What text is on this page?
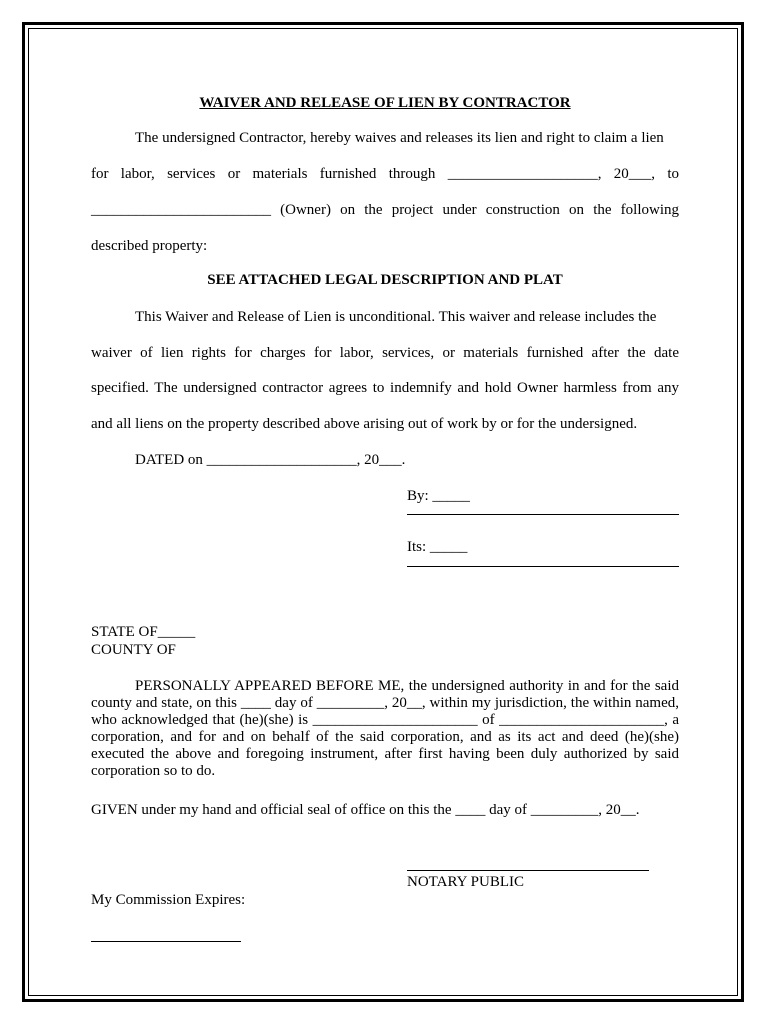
WAIVER AND RELEASE OF LIEN BY CONTRACTOR
The undersigned Contractor, hereby waives and releases its lien and right to claim a lien
for labor, services or materials furnished through ____________________, 20___, to
________________________ (Owner) on the project under construction on the following
described property:
SEE ATTACHED LEGAL DESCRIPTION AND PLAT
This Waiver and Release of Lien is unconditional. This waiver and release includes the
waiver of lien rights for charges for labor, services, or materials furnished after the date
specified. The undersigned contractor agrees to indemnify and hold Owner harmless from any
and all liens on the property described above arising out of work by or for the undersigned.
DATED on ____________________, 20___.
By: _____
Its: _____
STATE OF_____
COUNTY OF
PERSONALLY APPEARED BEFORE ME, the undersigned authority in and for the said county and state, on this ____ day of _________, 20__, within my jurisdiction, the within named, who acknowledged that (he)(she) is ______________________ of ______________________, a corporation, and for and on behalf of the said corporation, and as its act and deed (he)(she) executed the above and foregoing instrument, after first having been duly authorized by said corporation so to do.
GIVEN under my hand and official seal of office on this the ____ day of _________, 20__.
NOTARY PUBLIC
My Commission Expires:
